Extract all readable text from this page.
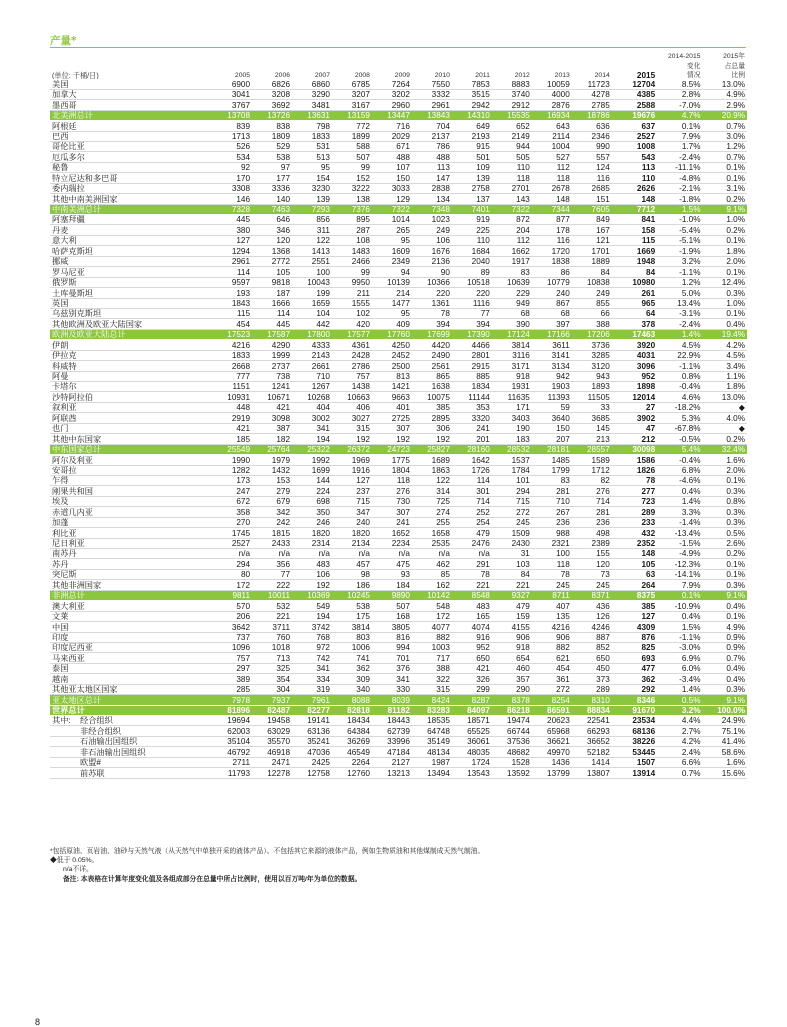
产量*
												2014-2015	2015年
												变化	占总量
(单位: 千桶/日)	2005	2006	2007	2008	2009	2010	2011	2012	2013	2014	2015	情况	比例
美国	6900	6826	6860	6785	7264	7550	7853	8883	10059	11723	12704	8.5%	13.0%
加拿大	3041	3208	3290	3207	3202	3332	3515	3740	4000	4278	4385	2.8%	4.9%
墨西哥	3767	3692	3481	3167	2960	2961	2942	2912	2876	2785	2588	-7.0%	2.9%
北美洲总计	13708	13726	13631	13159	13447	13843	14310	15535	16934	18786	19676	4.7%	20.9%
阿根廷	839	838	798	772	716	704	649	652	643	636	637	0.1%	0.7%
巴西	1713	1809	1833	1899	2029	2137	2193	2149	2114	2346	2527	7.9%	3.0%
哥伦比亚	526	529	531	588	671	786	915	944	1004	990	1008	1.7%	1.2%
厄瓜多尔	534	538	513	507	488	488	501	505	527	557	543	-2.4%	0.7%
秘鲁	92	97	95	99	107	113	109	110	112	124	113	-11.1%	0.1%
特立尼达和多巴哥	170	177	154	152	150	147	139	118	118	116	110	-4.8%	0.1%
委内瑞拉	3308	3336	3230	3222	3033	2838	2758	2701	2678	2685	2626	-2.1%	3.1%
其他中南美洲国家	146	140	139	138	129	134	137	143	148	151	148	-1.8%	0.2%
中南美洲总计	7328	7463	7293	7376	7322	7348	7401	7322	7344	7605	7712	1.5%	9.1%
阿塞拜疆	445	646	856	895	1014	1023	919	872	877	849	841	-1.0%	1.0%
丹麦	380	346	311	287	265	249	225	204	178	167	158	-5.4%	0.2%
意大利	127	120	122	108	95	106	110	112	116	121	115	-5.1%	0.1%
哈萨克斯坦	1294	1368	1413	1483	1609	1676	1684	1662	1720	1701	1669	-1.9%	1.8%
挪威	2961	2772	2551	2466	2349	2136	2040	1917	1838	1889	1948	3.2%	2.0%
罗马尼亚	114	105	100	99	94	90	89	83	86	84	84	-1.1%	0.1%
俄罗斯	9597	9818	10043	9950	10139	10366	10518	10639	10779	10838	10980	1.2%	12.4%
土库曼斯坦	193	187	199	211	214	220	220	229	240	249	261	5.0%	0.3%
英国	1843	1666	1659	1555	1477	1361	1116	949	867	855	965	13.4%	1.0%
乌兹别克斯坦	115	114	104	102	95	78	77	68	68	66	64	-3.1%	0.1%
其他欧洲及欧亚大陆国家	454	445	442	420	409	394	394	390	397	388	378	-2.4%	0.4%
欧洲及欧亚大陆总计	17523	17587	17800	17577	17760	17699	17390	17124	17166	17206	17463	1.4%	19.4%
伊朗	4216	4290	4333	4361	4250	4420	4466	3814	3611	3736	3920	4.5%	4.2%
伊拉克	1833	1999	2143	2428	2452	2490	2801	3116	3141	3285	4031	22.9%	4.5%
科威特	2668	2737	2661	2786	2500	2561	2915	3171	3134	3120	3096	-1.1%	3.4%
阿曼	777	738	710	757	813	865	885	918	942	943	952	0.8%	1.1%
卡塔尔	1151	1241	1267	1438	1421	1638	1834	1931	1903	1893	1898	-0.4%	1.8%
沙特阿拉伯	10931	10671	10268	10663	9663	10075	11144	11635	11393	11505	12014	4.6%	13.0%
叙利亚	448	421	404	406	401	385	353	171	59	33	27	-18.2%	◆
阿联酋	2919	3098	3002	3027	2725	2895	3320	3403	3640	3685	3902	5.3%	4.0%
也门	421	387	341	315	307	306	241	190	150	145	47	-67.8%	◆
其他中东国家	185	182	194	192	192	192	201	183	207	213	212	-0.5%	0.2%
中东国家总计	25549	25764	25322	26372	24723	25827	28160	28532	28181	28557	30098	5.4%	32.4%
阿尔及利亚	1990	1979	1992	1969	1775	1689	1642	1537	1485	1589	1586	-0.4%	1.6%
安哥拉	1282	1432	1699	1916	1804	1863	1726	1784	1799	1712	1826	6.8%	2.0%
乍得	173	153	144	127	118	122	114	101	83	82	78	-4.6%	0.1%
刚果共和国	247	279	224	237	276	314	301	294	281	276	277	0.4%	0.3%
埃及	672	679	698	715	730	725	714	715	710	714	723	1.4%	0.8%
赤道几内亚	358	342	350	347	307	274	252	272	267	281	289	3.3%	0.3%
加蓬	270	242	246	240	241	255	254	245	236	236	233	-1.4%	0.3%
利比亚	1745	1815	1820	1820	1652	1658	479	1509	988	498	432	-13.4%	0.5%
尼日利亚	2527	2433	2314	2134	2234	2535	2476	2430	2321	2389	2352	-1.5%	2.6%
南苏丹	n/a	n/a	n/a	n/a	n/a	n/a	n/a	31	100	155	148	-4.9%	0.2%
苏丹	294	356	483	457	475	462	291	103	118	120	105	-12.3%	0.1%
突尼斯	80	77	106	98	93	85	78	84	78	73	63	-14.1%	0.1%
其他非洲国家	172	222	192	186	184	162	221	221	245	245	264	7.9%	0.3%
非洲总计	9811	10011	10369	10245	9890	10142	8548	9327	8711	8371	8375	0.1%	9.1%
澳大利亚	570	532	549	538	507	548	483	479	407	436	385	-10.9%	0.4%
文莱	206	221	194	175	168	172	165	159	135	126	127	0.4%	0.1%
中国	3642	3711	3742	3814	3805	4077	4074	4155	4216	4246	4309	1.5%	4.9%
印度	737	760	768	803	816	882	916	906	906	887	876	-1.1%	0.9%
印度尼西亚	1096	1018	972	1006	994	1003	952	918	882	852	825	-3.0%	0.9%
马来西亚	757	713	742	741	701	717	650	654	621	650	693	6.9%	0.7%
泰国	297	325	341	362	376	388	421	460	454	450	477	6.0%	0.4%
越南	389	354	334	309	341	322	326	357	361	373	362	-3.4%	0.4%
其他亚太地区国家	285	304	319	340	330	315	299	290	272	289	292	1.4%	0.3%
亚太地区总计	7978	7937	7961	8088	8039	8424	8287	8378	8254	8310	8346	0.5%	9.1%
世界总计	81896	82487	82277	82818	81182	83283	84097	86218	86591	88834	91670	3.2%	100.0%
其中: 经合组织	19694	19458	19141	18434	18443	18535	18571	19474	20623	22541	23534	4.4%	24.9%
非经合组织	62003	63029	63136	64384	62739	64748	65525	66744	65968	66293	68136	2.7%	75.1%
石油输出国组织	35104	35570	35241	36269	33996	35149	36061	37536	36621	36652	38226	4.2%	41.4%
非石油输出国组织	46792	46918	47036	46549	47184	48134	48035	48682	49970	52182	53445	2.4%	58.6%
欧盟#	2711	2471	2425	2264	2127	1987	1724	1528	1436	1414	1507	6.6%	1.6%
前苏联	11793	12278	12758	12760	13213	13494	13543	13592	13799	13807	13914	0.7%	15.6%
*包括原油、页岩油、油砂与天然气液（从天然气中单独开采的液体产品）。不包括其它来源的液体产品，例如生物质油和其他煤制成天然气制油。
◆低于 0.05%。
n/a不详。
备注: 本表格在计算年度变化值及各组成部分在总量中所占比例时，使用以百万吨/年为单位的数据。
8
